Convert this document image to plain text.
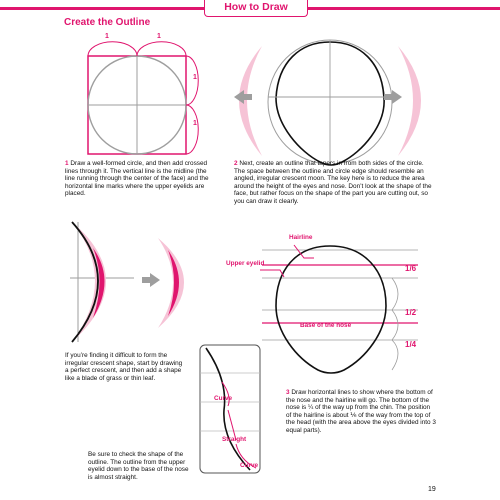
How to Draw
Create the Outline
1	1
1
1
1 Draw a well-formed circle, and then add crossed lines through it. The vertical line is the midline (the line running through the center of the face) and the horizontal line marks where the upper eyelids are placed.
2 Next, create an outline that tapers in from both sides of the circle. The space between the outline and circle edge should resemble an angled, irregular crescent moon. The key here is to reduce the area around the height of the eyes and nose. Don’t look at the shape of the face, but rather focus on the shape of the part you are cutting out, so you can draw it clearly.
If you’re finding it difficult to form the irregular crescent shape, start by drawing a perfect crescent, and then add a shape like a blade of grass or thin leaf.
Hairline
Upper eyelid
Base of the nose
1/6
1/2
1/4
Curve
Straight
Curve
3 Draw horizontal lines to show where the bottom of the nose and the hairline will go. The bottom of the nose is ¼ of the way up from the chin. The position of the hairline is about ⅙ of the way from the top of the head (with the area above the eyes divided into 3 equal parts).
Be sure to check the shape of the outline. The outline from the upper eyelid down to the base of the nose is almost straight.
19
